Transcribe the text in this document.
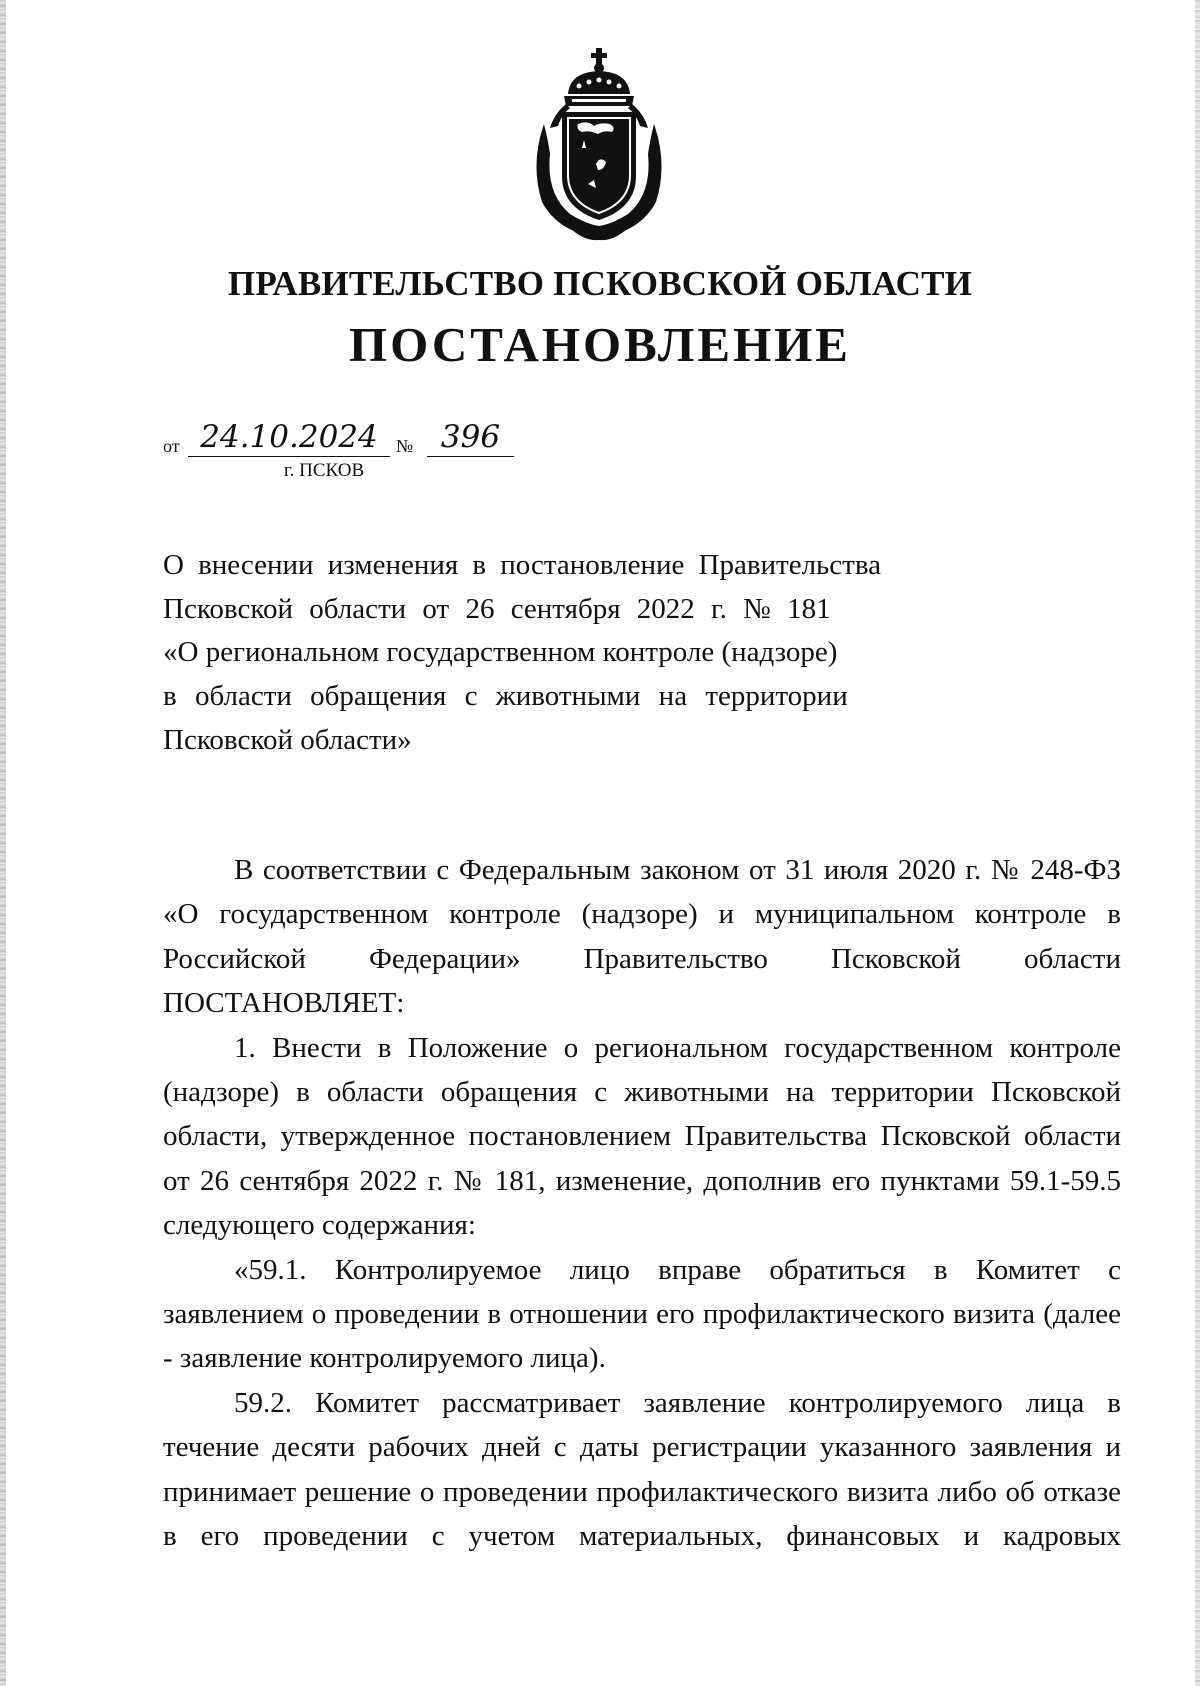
ПРАВИТЕЛЬСТВО ПСКОВСКОЙ ОБЛАСТИ
ПОСТАНОВЛЕНИЕ
от 24.10.2024	№ 396
г. ПСКОВ
О внесении изменения в постановление Правительства
Псковской области от 26 сентября 2022 г. № 181
«О региональном государственном контроле (надзоре)
в области обращения с животными на территории
Псковской области»

В соответствии с Федеральным законом от 31 июля 2020 г. № 248-ФЗ «О государственном контроле (надзоре) и муниципальном контроле в Российской Федерации» Правительство Псковской области ПОСТАНОВЛЯЕТ:

1. Внести в Положение о региональном государственном контроле (надзоре) в области обращения с животными на территории Псковской области, утвержденное постановлением Правительства Псковской области от 26 сентября 2022 г. № 181, изменение, дополнив его пунктами 59.1-59.5 следующего содержания:

«59.1. Контролируемое лицо вправе обратиться в Комитет с заявлением о проведении в отношении его профилактического визита (далее - заявление контролируемого лица).

59.2. Комитет рассматривает заявление контролируемого лица в течение десяти рабочих дней с даты регистрации указанного заявления и принимает решение о проведении профилактического визита либо об отказе в его проведении с учетом материальных, финансовых и кадровых
